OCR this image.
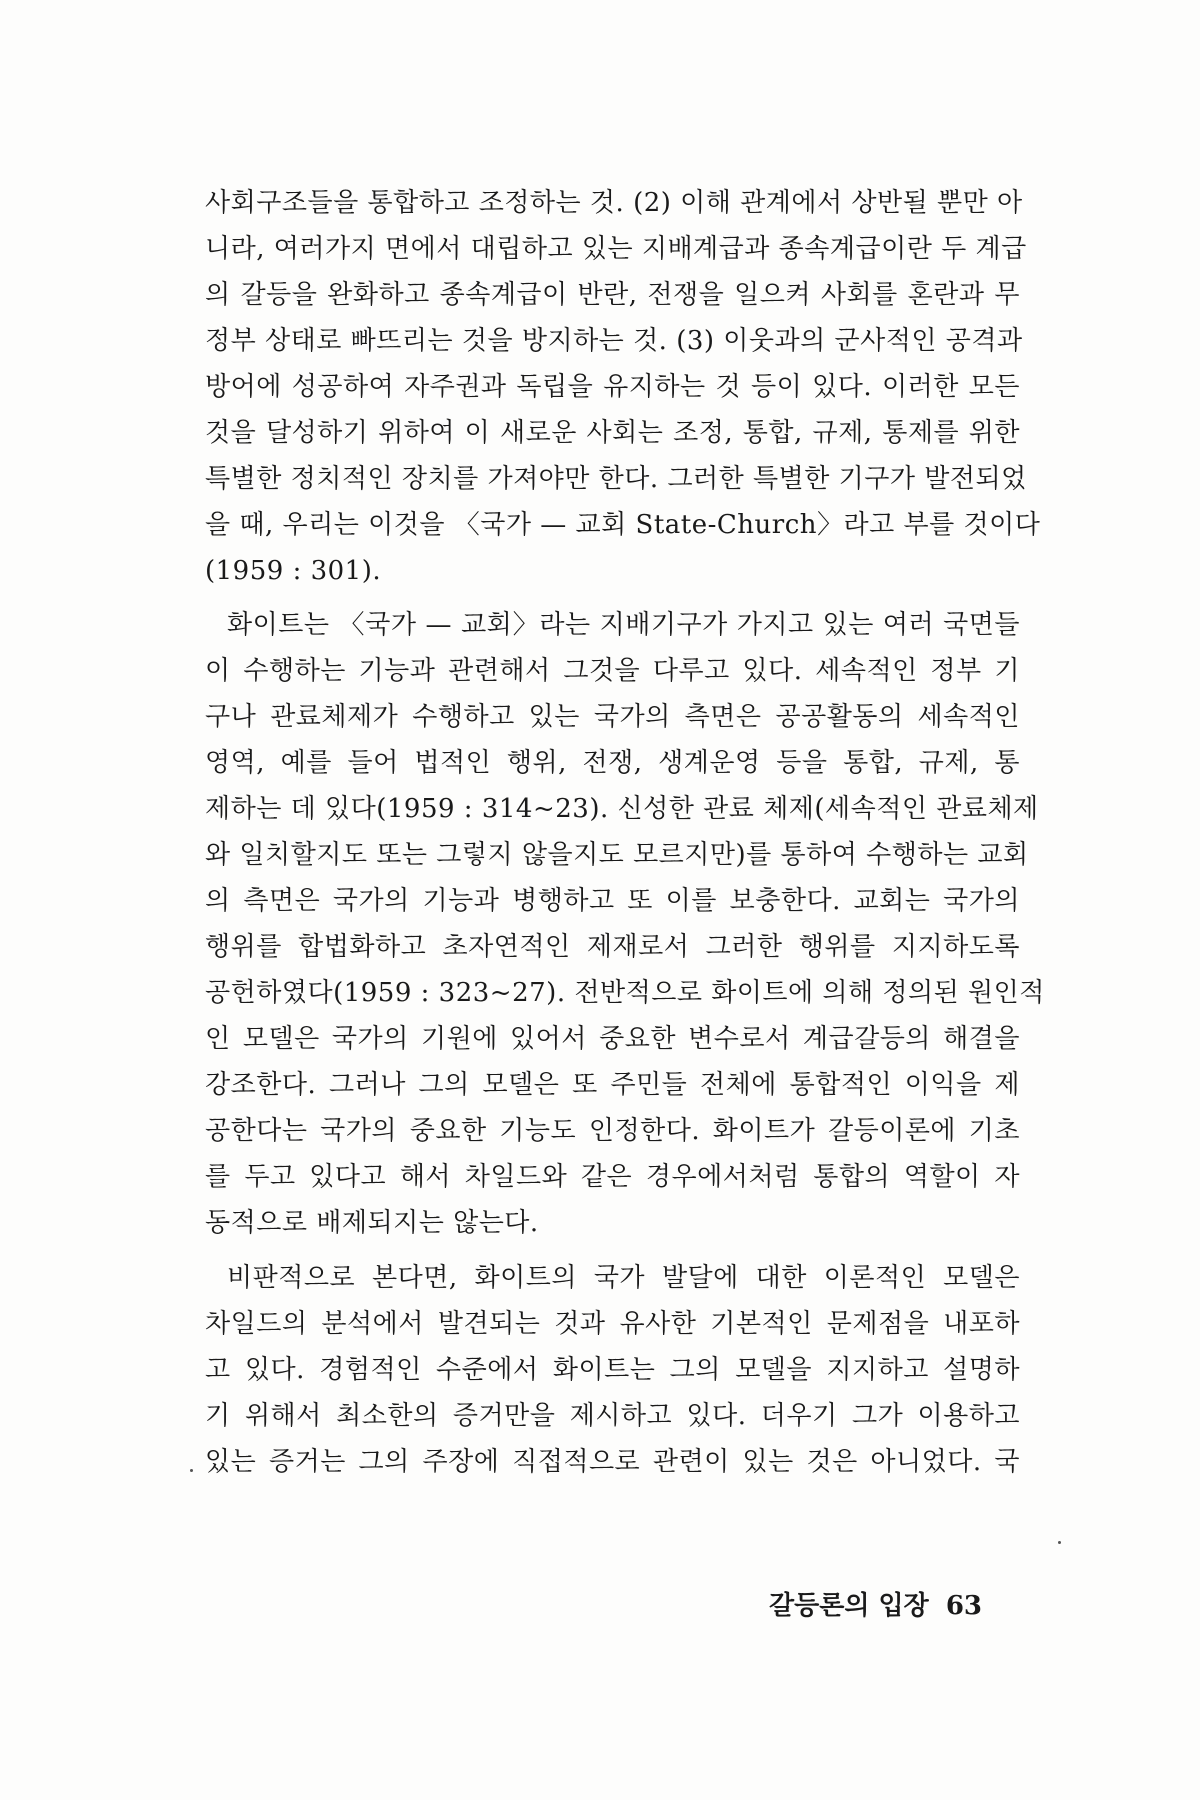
사회구조들을 통합하고 조정하는 것. (2) 이해 관계에서 상반될 뿐만 아
니라, 여러가지 면에서 대립하고 있는 지배계급과 종속계급이란 두 계급
의 갈등을 완화하고 종속계급이 반란, 전쟁을 일으켜 사회를 혼란과 무
정부 상태로 빠뜨리는 것을 방지하는 것. (3) 이웃과의 군사적인 공격과
방어에 성공하여 자주권과 독립을 유지하는 것 등이 있다. 이러한 모든
것을 달성하기 위하여 이 새로운 사회는 조정, 통합, 규제, 통제를 위한
특별한 정치적인 장치를 가져야만 한다. 그러한 특별한 기구가 발전되었
을 때, 우리는 이것을 〈국가 — 교회 State-Church〉라고 부를 것이다
(1959 : 301).
화이트는 〈국가 — 교회〉라는 지배기구가 가지고 있는 여러 국면들
이 수행하는 기능과 관련해서 그것을 다루고 있다. 세속적인 정부 기
구나 관료체제가 수행하고 있는 국가의 측면은 공공활동의 세속적인
영역, 예를 들어 법적인 행위, 전쟁, 생계운영 등을 통합, 규제, 통
제하는 데 있다(1959 : 314~23). 신성한 관료 체제(세속적인 관료체제
와 일치할지도 또는 그렇지 않을지도 모르지만)를 통하여 수행하는 교회
의 측면은 국가의 기능과 병행하고 또 이를 보충한다. 교회는 국가의
행위를 합법화하고 초자연적인 제재로서 그러한 행위를 지지하도록
공헌하였다(1959 : 323~27). 전반적으로 화이트에 의해 정의된 원인적
인 모델은 국가의 기원에 있어서 중요한 변수로서 계급갈등의 해결을
강조한다. 그러나 그의 모델은 또 주민들 전체에 통합적인 이익을 제
공한다는 국가의 중요한 기능도 인정한다. 화이트가 갈등이론에 기초
를 두고 있다고 해서 차일드와 같은 경우에서처럼 통합의 역할이 자
동적으로 배제되지는 않는다.
비판적으로 본다면, 화이트의 국가 발달에 대한 이론적인 모델은
차일드의 분석에서 발견되는 것과 유사한 기본적인 문제점을 내포하
고 있다. 경험적인 수준에서 화이트는 그의 모델을 지지하고 설명하
기 위해서 최소한의 증거만을 제시하고 있다. 더우기 그가 이용하고
있는 증거는 그의 주장에 직접적으로 관련이 있는 것은 아니었다. 국
갈등론의 입장 63
